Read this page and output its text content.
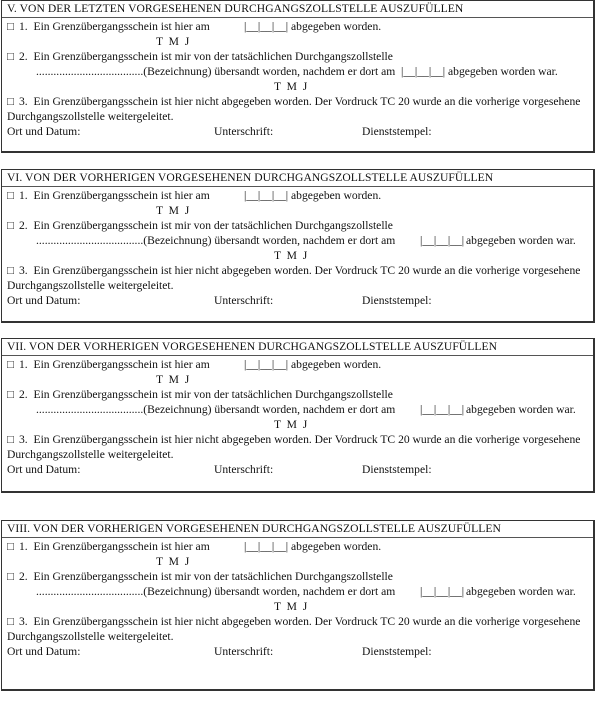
V. VON DER LETZTEN VORGESEHENEN DURCHGANGSZOLLSTELLE AUSZUFÜLLEN
□ 1. Ein Grenzübergangsschein ist hier am	|__|__|__| abgegeben worden.
T  M  J
□ 2. Ein Grenzübergangsschein ist mir von der tatsächlichen Durchgangszollstelle
.....................................(Bezeichnung) übersandt worden, nachdem er dort am |__|__|__| abgegeben worden war.
T  M  J
□ 3. Ein Grenzübergangsschein ist hier nicht abgegeben worden. Der Vordruck TC 20 wurde an die vorherige vorgesehene
Durchgangszollstelle weitergeleitet.
Ort und Datum:	Unterschrift:	Dienststempel:
VI. VON DER VORHERIGEN VORGESEHENEN DURCHGANGSZOLLSTELLE AUSZUFÜLLEN
□ 1. Ein Grenzübergangsschein ist hier am	|__|__|__| abgegeben worden.
T  M  J
□ 2. Ein Grenzübergangsschein ist mir von der tatsächlichen Durchgangszollstelle
.....................................(Bezeichnung) übersandt worden, nachdem er dort am |__|__|__| abgegeben worden war.
T  M  J
□ 3. Ein Grenzübergangsschein ist hier nicht abgegeben worden. Der Vordruck TC 20 wurde an die vorherige vorgesehene
Durchgangszollstelle weitergeleitet.
Ort und Datum:	Unterschrift:	Dienststempel:
VII. VON DER VORHERIGEN VORGESEHENEN DURCHGANGSZOLLSTELLE AUSZUFÜLLEN
□ 1. Ein Grenzübergangsschein ist hier am	|__|__|__| abgegeben worden.
T  M  J
□ 2. Ein Grenzübergangsschein ist mir von der tatsächlichen Durchgangszollstelle
.....................................(Bezeichnung) übersandt worden, nachdem er dort am |__|__|__| abgegeben worden war.
T  M  J
□ 3. Ein Grenzübergangsschein ist hier nicht abgegeben worden. Der Vordruck TC 20 wurde an die vorherige vorgesehene
Durchgangszollstelle weitergeleitet.
Ort und Datum:	Unterschrift:	Dienststempel:
VIII. VON DER VORHERIGEN VORGESEHENEN DURCHGANGSZOLLSTELLE AUSZUFÜLLEN
□ 1. Ein Grenzübergangsschein ist hier am	|__|__|__| abgegeben worden.
T  M  J
□ 2. Ein Grenzübergangsschein ist mir von der tatsächlichen Durchgangszollstelle
.....................................(Bezeichnung) übersandt worden, nachdem er dort am |__|__|__| abgegeben worden war.
T  M  J
□ 3. Ein Grenzübergangsschein ist hier nicht abgegeben worden. Der Vordruck TC 20 wurde an die vorherige vorgesehene
Durchgangszollstelle weitergeleitet.
Ort und Datum:	Unterschrift:	Dienststempel:
